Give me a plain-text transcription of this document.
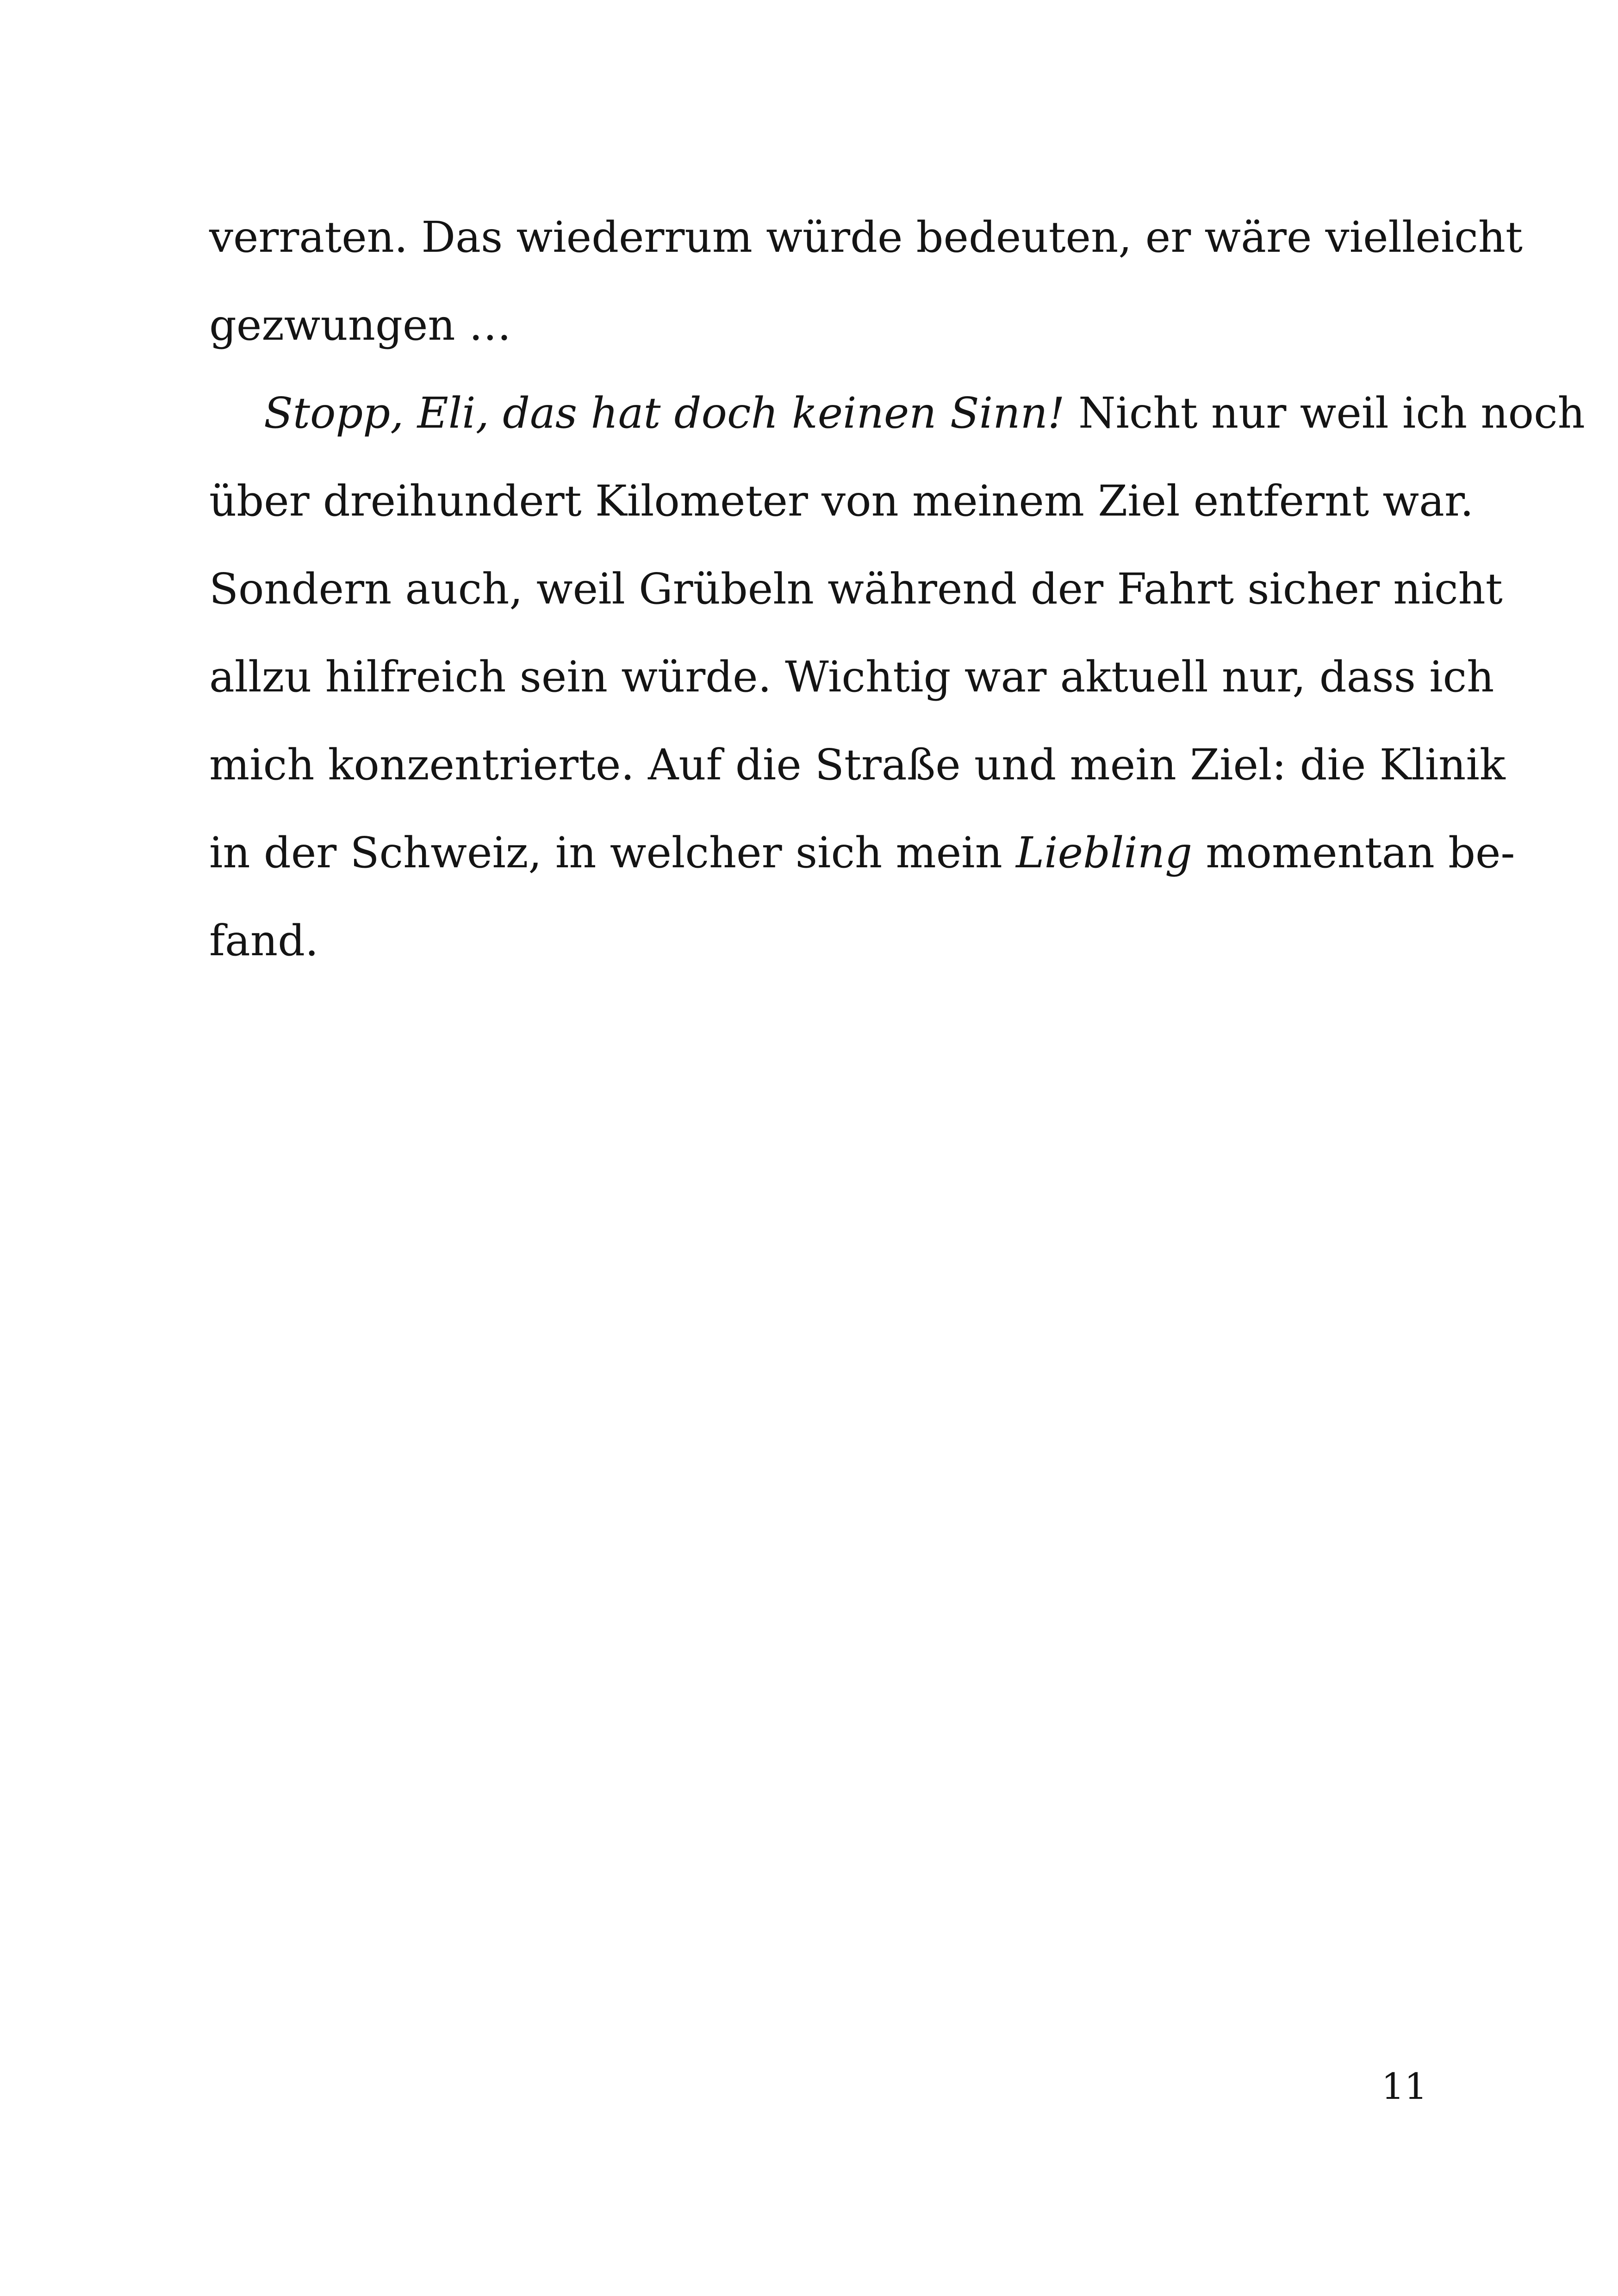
verraten. Das wiederrum würde bedeuten, er wäre vielleicht
gezwungen …
Stopp, Eli, das hat doch keinen Sinn! Nicht nur weil ich noch
über dreihundert Kilometer von meinem Ziel entfernt war.
Sondern auch, weil Grübeln während der Fahrt sicher nicht
allzu hilfreich sein würde. Wichtig war aktuell nur, dass ich
mich konzentrierte. Auf die Straße und mein Ziel: die Klinik
in der Schweiz, in welcher sich mein Liebling momentan be-
fand.
11
